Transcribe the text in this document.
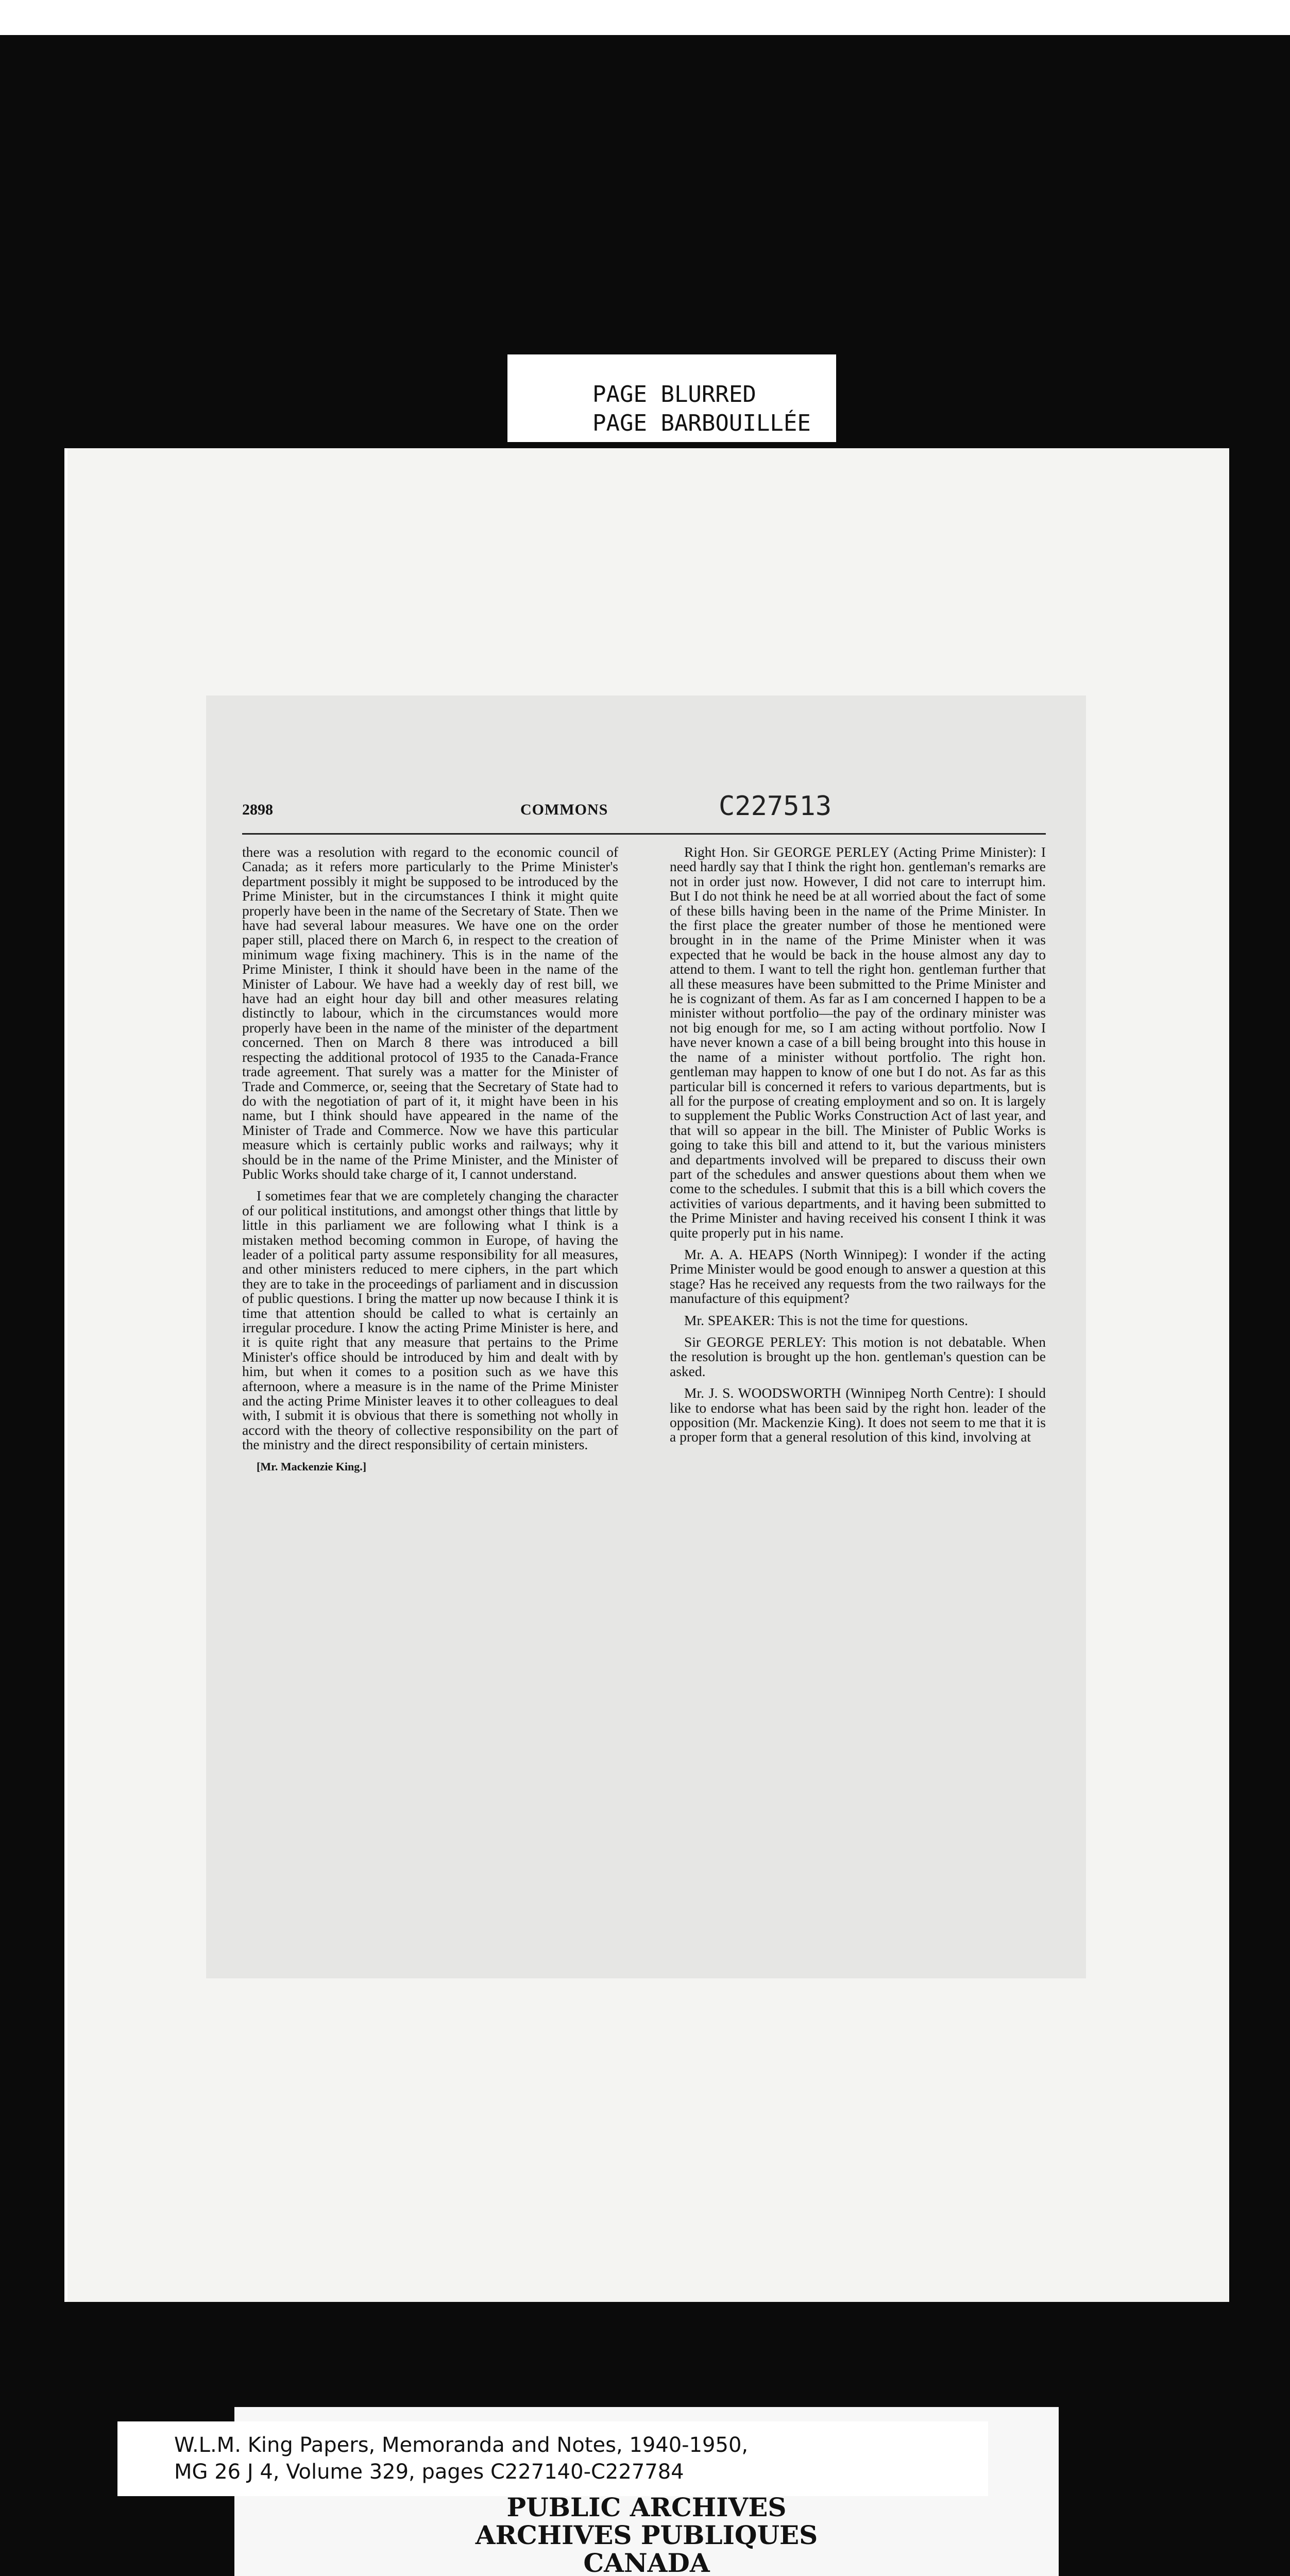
PAGE BLURRED
PAGE BARBOUILLÉE
2898	COMMONS	C227513

there was a resolution with regard to the economic council of Canada; as it refers more particularly to the Prime Minister's department possibly it might be supposed to be introduced by the Prime Minister, but in the circumstances I think it might quite properly have been in the name of the Secretary of State. Then we have had several labour measures. We have one on the order paper still, placed there on March 6, in respect to the creation of minimum wage fixing machinery. This is in the name of the Prime Minister, I think it should have been in the name of the Minister of Labour. We have had a weekly day of rest bill, we have had an eight hour day bill and other measures relating distinctly to labour, which in the circumstances would more properly have been in the name of the minister of the department concerned. Then on March 8 there was introduced a bill respecting the additional protocol of 1935 to the Canada-France trade agreement. That surely was a matter for the Minister of Trade and Commerce, or, seeing that the Secretary of State had to do with the negotiation of part of it, it might have been in his name, but I think should have appeared in the name of the Minister of Trade and Commerce. Now we have this particular measure which is certainly public works and railways; why it should be in the name of the Prime Minister, and the Minister of Public Works should take charge of it, I cannot understand.

I sometimes fear that we are completely changing the character of our political institutions, and amongst other things that little by little in this parliament we are following what I think is a mistaken method becoming common in Europe, of having the leader of a political party assume responsibility for all measures, and other ministers reduced to mere ciphers, in the part which they are to take in the proceedings of parliament and in discussion of public questions. I bring the matter up now because I think it is time that attention should be called to what is certainly an irregular procedure. I know the acting Prime Minister is here, and it is quite right that any measure that pertains to the Prime Minister's office should be introduced by him and dealt with by him, but when it comes to a position such as we have this afternoon, where a measure is in the name of the Prime Minister and the acting Prime Minister leaves it to other colleagues to deal with, I submit it is obvious that there is something not wholly in accord with the theory of collective responsibility on the part of the ministry and the direct responsibility of certain ministers.

[Mr. Mackenzie King.]

Right Hon. Sir GEORGE PERLEY (Acting Prime Minister): I need hardly say that I think the right hon. gentleman's remarks are not in order just now. However, I did not care to interrupt him. But I do not think he need be at all worried about the fact of some of these bills having been in the name of the Prime Minister. In the first place the greater number of those he mentioned were brought in in the name of the Prime Minister when it was expected that he would be back in the house almost any day to attend to them. I want to tell the right hon. gentleman further that all these measures have been submitted to the Prime Minister and he is cognizant of them. As far as I am concerned I happen to be a minister without portfolio—the pay of the ordinary minister was not big enough for me, so I am acting without portfolio. Now I have never known a case of a bill being brought into this house in the name of a minister without portfolio. The right hon. gentleman may happen to know of one but I do not. As far as this particular bill is concerned it refers to various departments, but is all for the purpose of creating employment and so on. It is largely to supplement the Public Works Construction Act of last year, and that will so appear in the bill. The Minister of Public Works is going to take this bill and attend to it, but the various ministers and departments involved will be prepared to discuss their own part of the schedules and answer questions about them when we come to the schedules. I submit that this is a bill which covers the activities of various departments, and it having been submitted to the Prime Minister and having received his consent I think it was quite properly put in his name.

Mr. A. A. HEAPS (North Winnipeg): I wonder if the acting Prime Minister would be good enough to answer a question at this stage? Has he received any requests from the two railways for the manufacture of this equipment?

Mr. SPEAKER: This is not the time for questions.

Sir GEORGE PERLEY: This motion is not debatable. When the resolution is brought up the hon. gentleman's question can be asked.

Mr. J. S. WOODSWORTH (Winnipeg North Centre): I should like to endorse what has been said by the right hon. leader of the opposition (Mr. Mackenzie King). It does not seem to me that it is a proper form that a general resolution of this kind, involving at

W.L.M. King Papers, Memoranda and Notes, 1940-1950,
MG 26 J 4, Volume 329, pages C227140-C227784
PUBLIC ARCHIVES
ARCHIVES PUBLIQUES
CANADA
